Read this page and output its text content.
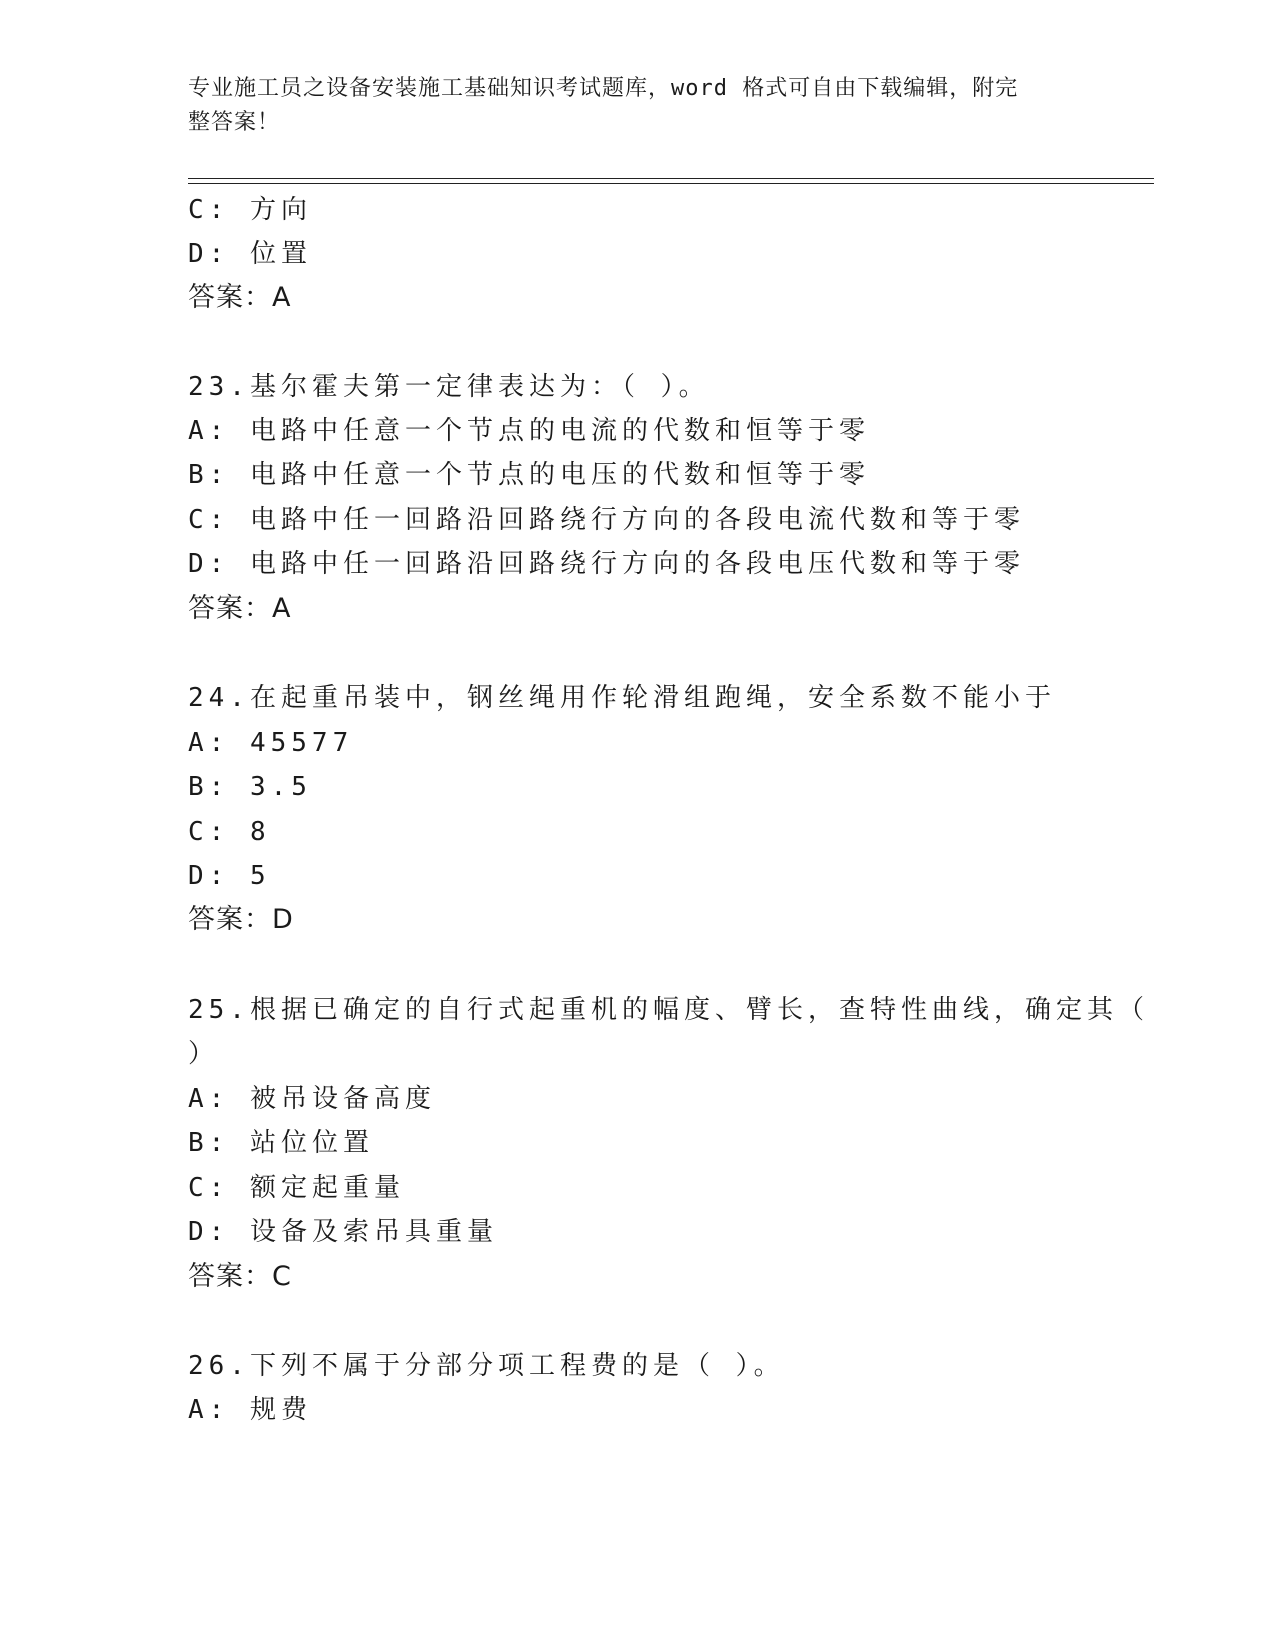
专业施工员之设备安装施工基础知识考试题库，word 格式可自由下载编辑，附完
整答案！
C: 方向
D: 位置
答案：A
23.基尔霍夫第一定律表达为：（ ）。
A: 电路中任意一个节点的电流的代数和恒等于零
B: 电路中任意一个节点的电压的代数和恒等于零
C: 电路中任一回路沿回路绕行方向的各段电流代数和等于零
D: 电路中任一回路沿回路绕行方向的各段电压代数和等于零
答案：A
24.在起重吊装中，钢丝绳用作轮滑组跑绳，安全系数不能小于
A: 45577
B: 3.5
C: 8
D: 5
答案：D
25.根据已确定的自行式起重机的幅度、臂长，查特性曲线，确定其（
）
A: 被吊设备高度
B: 站位位置
C: 额定起重量
D: 设备及索吊具重量
答案：C
26.下列不属于分部分项工程费的是（ ）。
A: 规费
